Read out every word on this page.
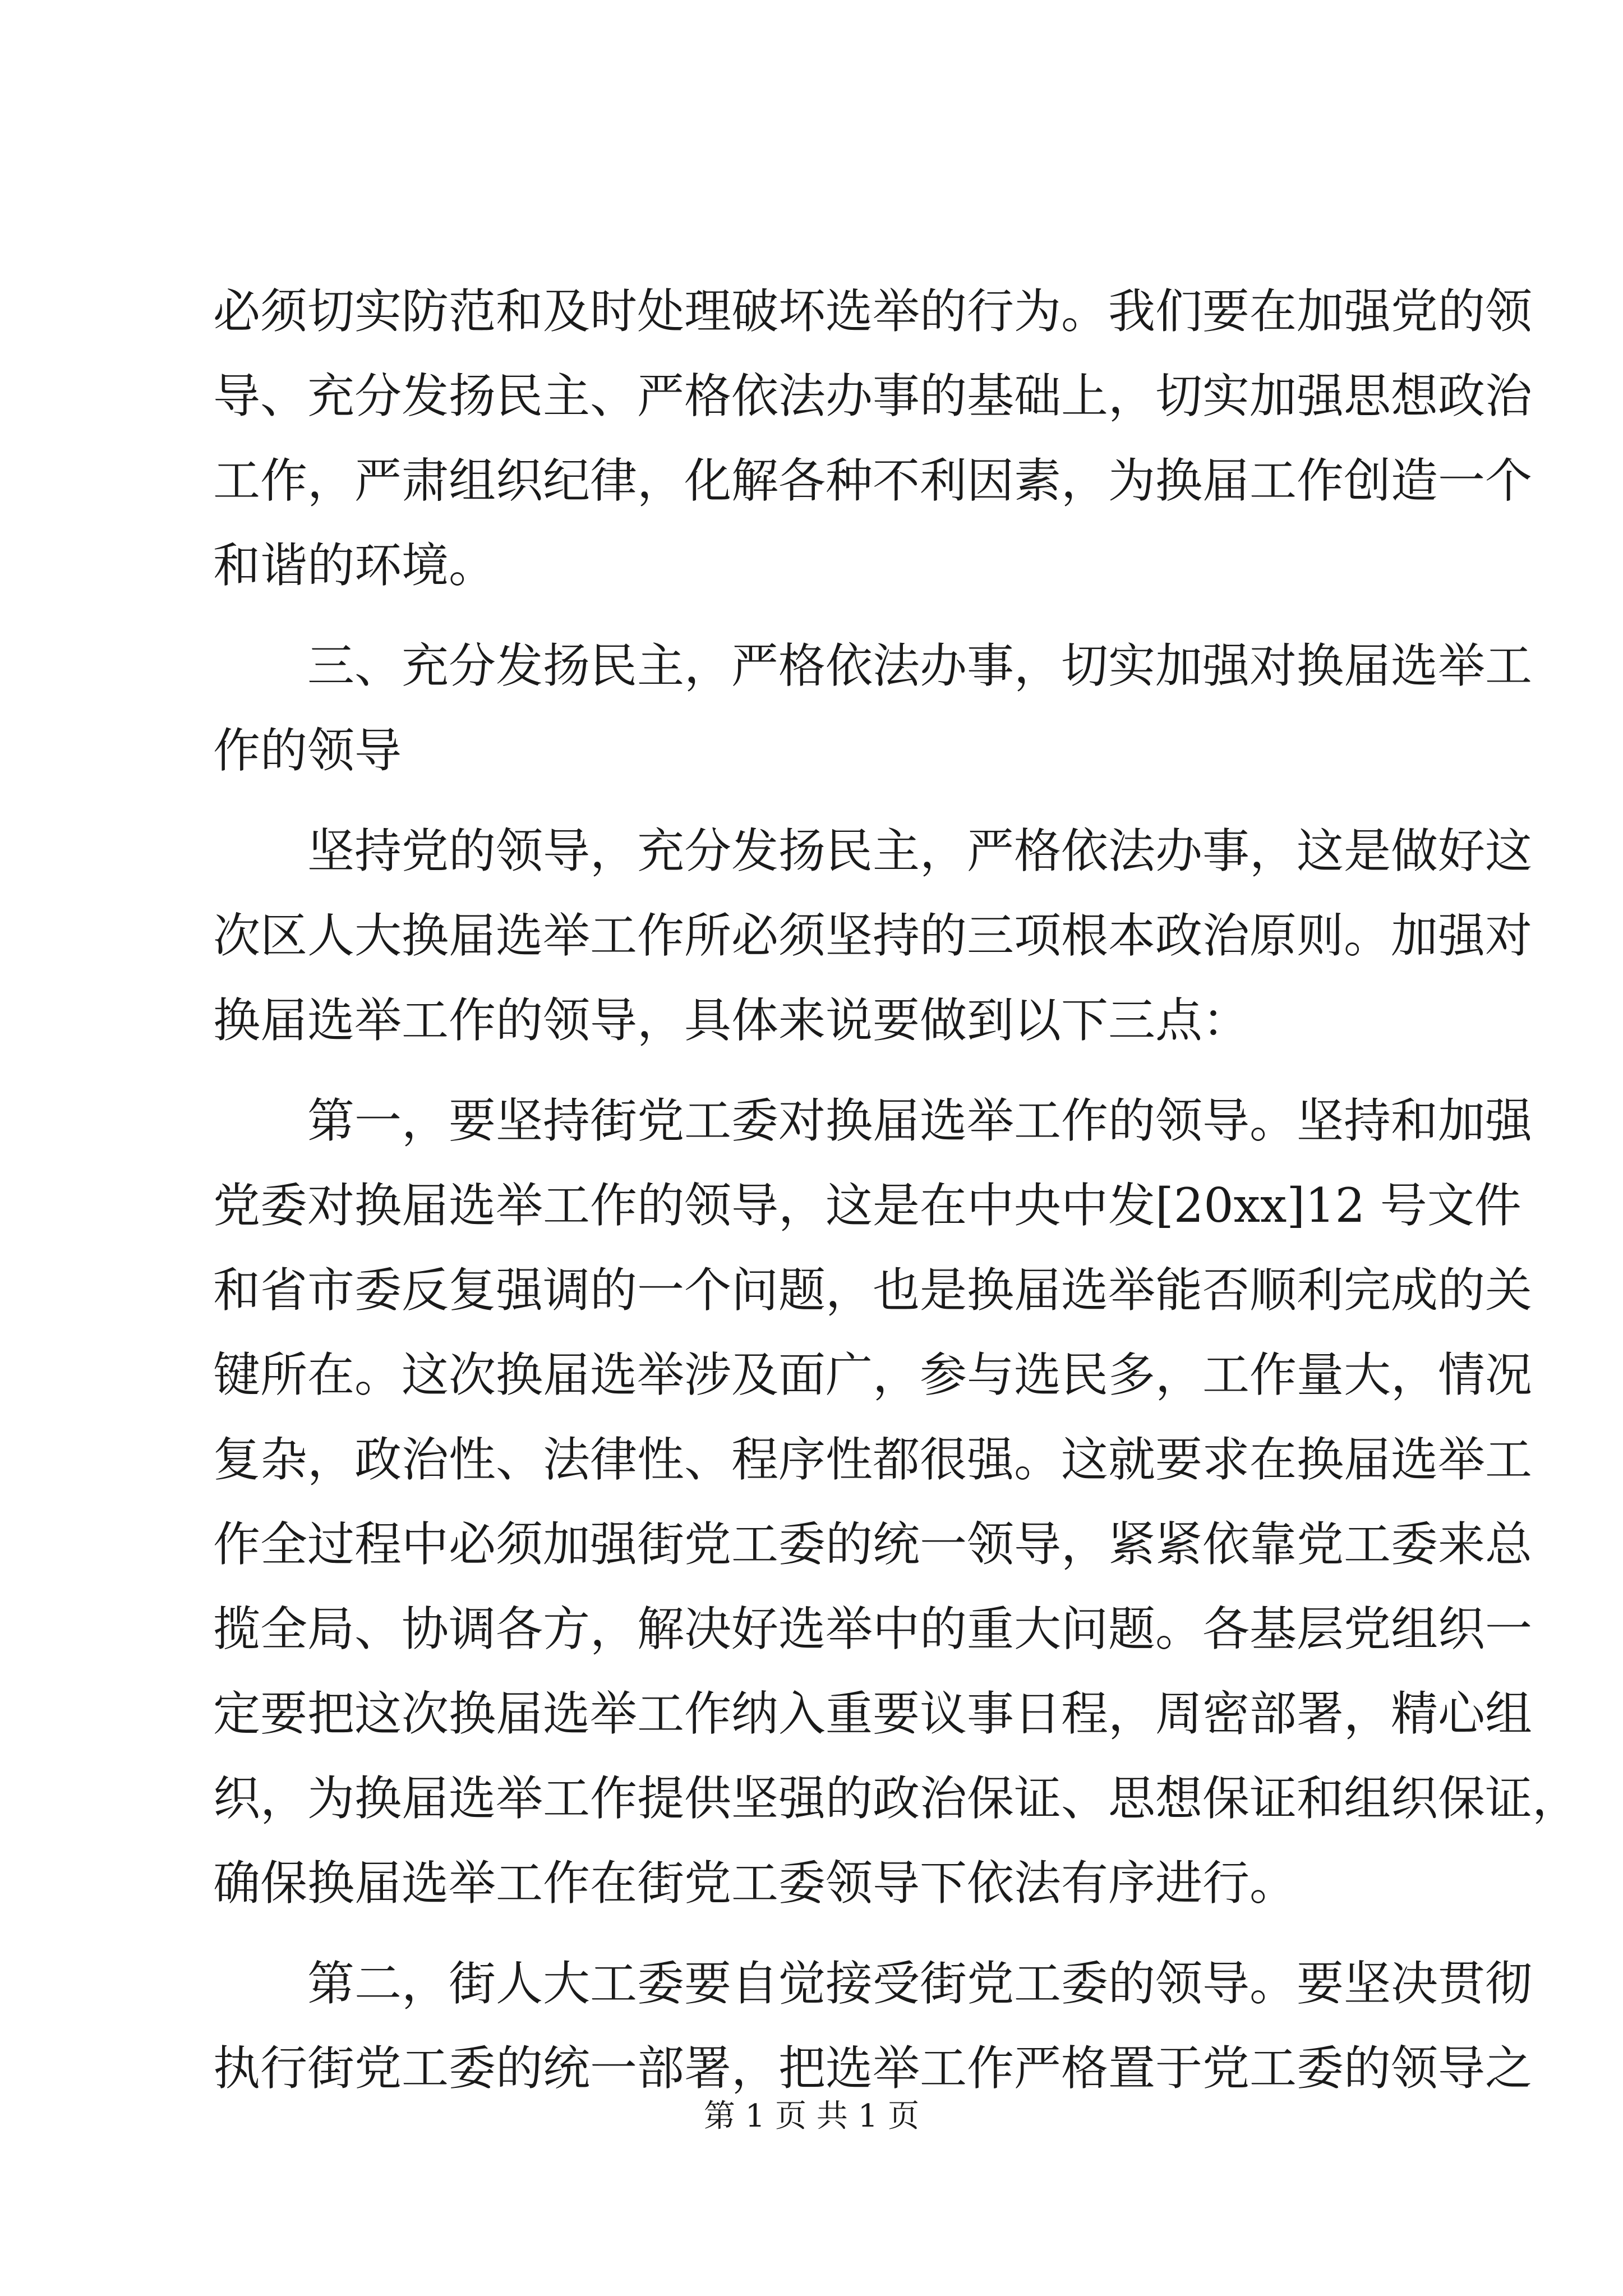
必须切实防范和及时处理破坏选举的行为。我们要在加强党的领
导、充分发扬民主、严格依法办事的基础上，切实加强思想政治
工作，严肃组织纪律，化解各种不利因素，为换届工作创造一个
和谐的环境。
三、充分发扬民主，严格依法办事，切实加强对换届选举工
作的领导
坚持党的领导，充分发扬民主，严格依法办事，这是做好这
次区人大换届选举工作所必须坚持的三项根本政治原则。加强对
换届选举工作的领导，具体来说要做到以下三点：
第一，要坚持街党工委对换届选举工作的领导。坚持和加强
党委对换届选举工作的领导，这是在中央中发[20xx]12 号文件
和省市委反复强调的一个问题，也是换届选举能否顺利完成的关
键所在。这次换届选举涉及面广，参与选民多，工作量大，情况
复杂，政治性、法律性、程序性都很强。这就要求在换届选举工
作全过程中必须加强街党工委的统一领导，紧紧依靠党工委来总
揽全局、协调各方，解决好选举中的重大问题。各基层党组织一
定要把这次换届选举工作纳入重要议事日程，周密部署，精心组
织，为换届选举工作提供坚强的政治保证、思想保证和组织保证，
确保换届选举工作在街党工委领导下依法有序进行。
第二，街人大工委要自觉接受街党工委的领导。要坚决贯彻
执行街党工委的统一部署，把选举工作严格置于党工委的领导之
第 1 页 共 1 页
